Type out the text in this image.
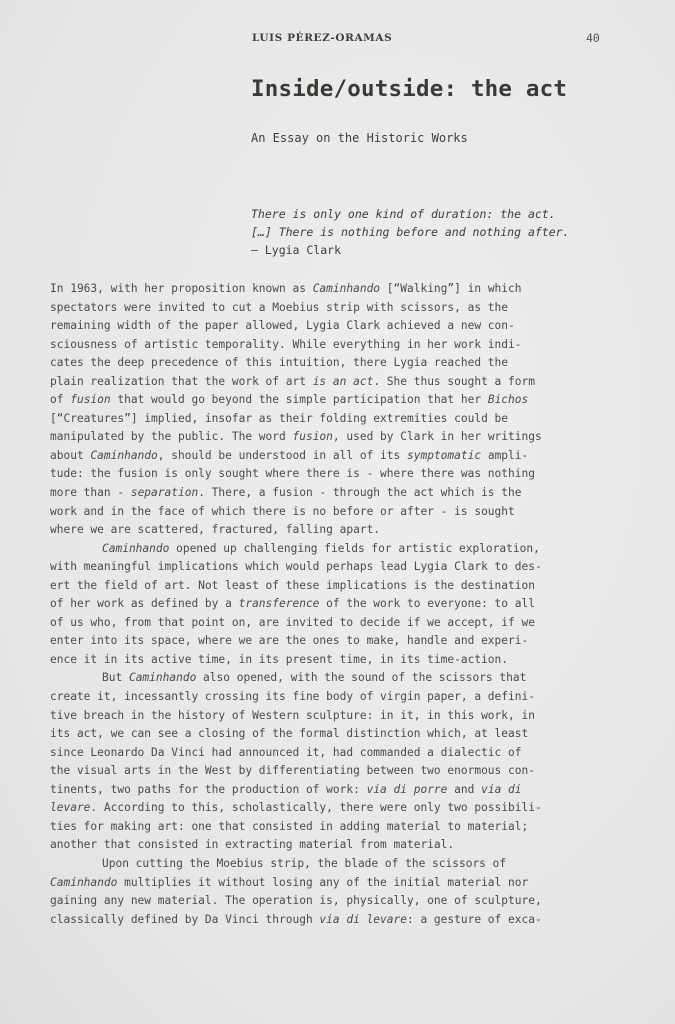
LUIS PÉREZ-ORAMAS	40
Inside/outside: the act
An Essay on the Historic Works
There is only one kind of duration: the act.
[…] There is nothing before and nothing after.
— Lygia Clark
In 1963, with her proposition known as Caminhando [“Walking”] in which
spectators were invited to cut a Moebius strip with scissors, as the
remaining width of the paper allowed, Lygia Clark achieved a new con-
sciousness of artistic temporality. While everything in her work indi-
cates the deep precedence of this intuition, there Lygia reached the
plain realization that the work of art is an act. She thus sought a form
of fusion that would go beyond the simple participation that her Bichos
[“Creatures”] implied, insofar as their folding extremities could be
manipulated by the public. The word fusion, used by Clark in her writings
about Caminhando, should be understood in all of its symptomatic ampli-
tude: the fusion is only sought where there is - where there was nothing
more than - separation. There, a fusion - through the act which is the
work and in the face of which there is no before or after - is sought
where we are scattered, fractured, falling apart.
Caminhando opened up challenging fields for artistic exploration,
with meaningful implications which would perhaps lead Lygia Clark to des-
ert the field of art. Not least of these implications is the destination
of her work as defined by a transference of the work to everyone: to all
of us who, from that point on, are invited to decide if we accept, if we
enter into its space, where we are the ones to make, handle and experi-
ence it in its active time, in its present time, in its time-action.
But Caminhando also opened, with the sound of the scissors that
create it, incessantly crossing its fine body of virgin paper, a defini-
tive breach in the history of Western sculpture: in it, in this work, in
its act, we can see a closing of the formal distinction which, at least
since Leonardo Da Vinci had announced it, had commanded a dialectic of
the visual arts in the West by differentiating between two enormous con-
tinents, two paths for the production of work: via di porre and via di
levare. According to this, scholastically, there were only two possibili-
ties for making art: one that consisted in adding material to material;
another that consisted in extracting material from material.
Upon cutting the Moebius strip, the blade of the scissors of
Caminhando multiplies it without losing any of the initial material nor
gaining any new material. The operation is, physically, one of sculpture,
classically defined by Da Vinci through via di levare: a gesture of exca-
